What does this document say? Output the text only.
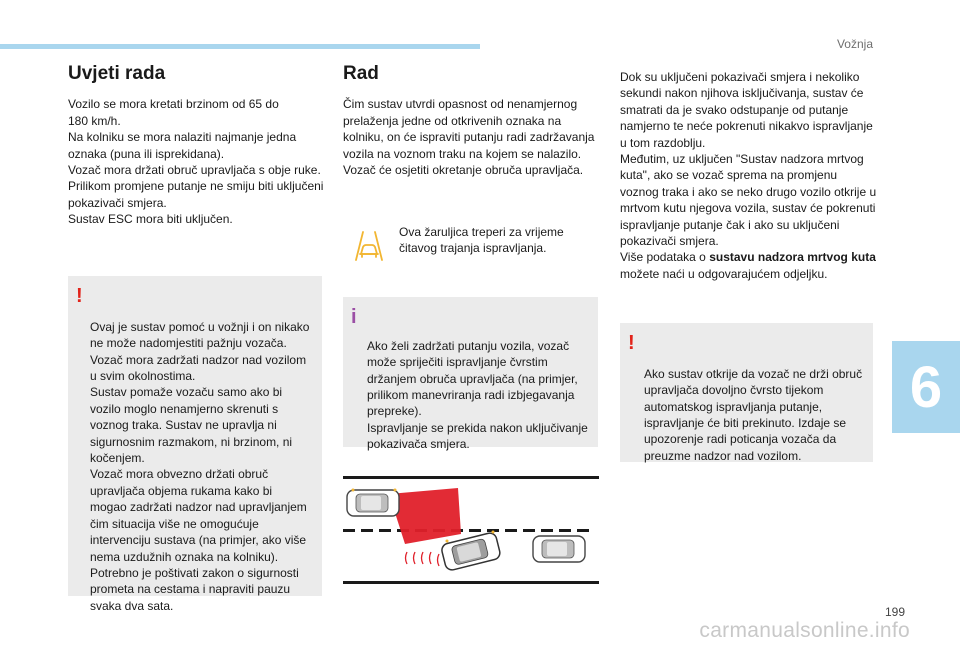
Vožnja
Uvjeti rada
Vozilo se mora kretati brzinom od 65 do
180 km/h.
Na kolniku se mora nalaziti najmanje jedna oznaka (puna ili isprekidana).
Vozač mora držati obruč upravljača s obje ruke.
Prilikom promjene putanje ne smiju biti uključeni pokazivači smjera.
Sustav ESC mora biti uključen.

!

Ovaj je sustav pomoć u vožnji i on nikako ne može nadomjestiti pažnju vozača.
Vozač mora zadržati nadzor nad vozilom u svim okolnostima.
Sustav pomaže vozaču samo ako bi vozilo moglo nenamjerno skrenuti s voznog traka. Sustav ne upravlja ni sigurnosnim razmakom, ni brzinom, ni kočenjem.
Vozač mora obvezno držati obruč upravljača objema rukama kako bi mogao zadržati nadzor nad upravljanjem čim situacija više ne omogućuje intervenciju sustava (na primjer, ako više nema uzdužnih oznaka na kolniku).
Potrebno je poštivati zakon o sigurnosti prometa na cestama i napraviti pauzu svaka dva sata.

Rad
Čim sustav utvrdi opasnost od nenamjernog prelaženja jedne od otkrivenih oznaka na kolniku, on će ispraviti putanju radi zadržavanja vozila na voznom traku na kojem se nalazilo.
Vozač će osjetiti okretanje obruča upravljača.
Ova žaruljica treperi za vrijeme čitavog trajanja ispravljanja.

i

Ako želi zadržati putanju vozila, vozač može spriječiti ispravljanje čvrstim držanjem obruča upravljača (na primjer, prilikom manevriranja radi izbjegavanja prepreke).
Ispravljanje se prekida nakon uključivanje pokazivača smjera.

Dok su uključeni pokazivači smjera i nekoliko sekundi nakon njihova isključivanja, sustav će smatrati da je svako odstupanje od putanje namjerno te neće pokrenuti nikakvo ispravljanje u tom razdoblju.
Međutim, uz uključen "Sustav nadzora mrtvog kuta", ako se vozač sprema na promjenu voznog traka i ako se neko drugo vozilo otkrije u mrtvom kutu njegova vozila, sustav će pokrenuti ispravljanje putanje čak i ako su uključeni pokazivači smjera.
Više podataka o sustavu nadzora mrtvog kuta možete naći u odgovarajućem odjeljku.

!

Ako sustav otkrije da vozač ne drži obruč upravljača dovoljno čvrsto tijekom automatskog ispravljanja putanje, ispravljanje će biti prekinuto. Izdaje se upozorenje radi poticanja vozača da preuzme nadzor nad vozilom.

6
199
carmanualsonline.info
